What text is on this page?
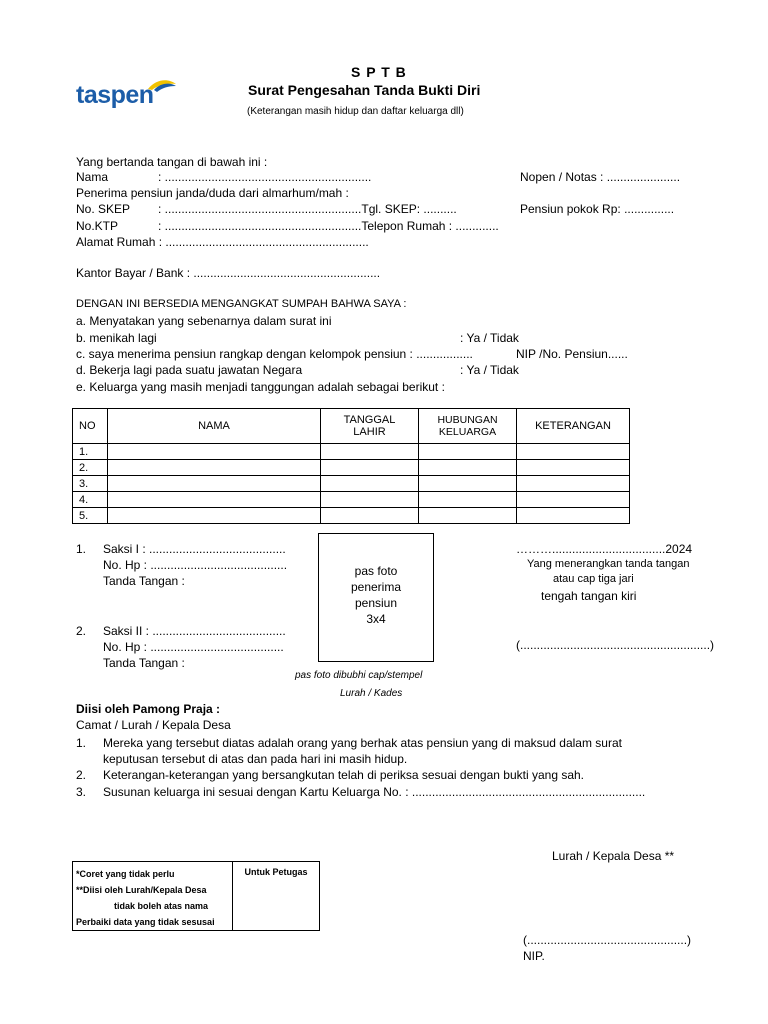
taspen
S P T B
Surat Pengesahan Tanda Bukti Diri
(Keterangan masih hidup dan daftar keluarga dll)
Yang bertanda tangan di bawah ini :
Nama	: ..............................................................	Nopen / Notas : ......................
Penerima pensiun janda/duda dari almarhum/mah :
No. SKEP : ...........................................................Tgl. SKEP: ..........	Pensiun pokok Rp: ...............
No.KTP	: ...........................................................Telepon Rumah : .............
Alamat Rumah : .............................................................
Kantor Bayar / Bank : ........................................................
DENGAN INI BERSEDIA MENGANGKAT SUMPAH BAHWA SAYA :
a. Menyatakan yang sebenarnya dalam surat ini
b. menikah lagi	: Ya / Tidak
c. saya menerima pensiun rangkap dengan kelompok pensiun : .................	NIP /No. Pensiun......
d. Bekerja lagi pada suatu jawatan Negara	: Ya / Tidak
e. Keluarga yang masih menjadi tanggungan adalah sebagai berikut :
NO	NAMA	TANGGAL LAHIR	HUBUNGAN KELUARGA	KETERANGAN
1.				
2.				
3.				
4.				
5.				
1. Saksi I : .........................................
No. Hp : .........................................
Tanda Tangan :
2. Saksi II : ........................................
No. Hp : ........................................
Tanda Tangan :
pas foto
penerima
pensiun
3x4
pas foto dibubhi cap/stempel
Lurah / Kades
………..................................2024
Yang menerangkan tanda tangan
atau cap tiga jari
tengah tangan kiri
(.........................................................)
Diisi oleh Pamong Praja :
Camat / Lurah / Kepala Desa
1. Mereka yang tersebut diatas adalah orang yang berhak atas pensiun yang di maksud dalam surat
keputusan tersebut di atas dan pada hari ini masih hidup.
2. Keterangan-keterangan yang bersangkutan telah di periksa sesuai dengan bukti yang sah.
3. Susunan keluarga ini sesuai dengan Kartu Keluarga No. : ......................................................................
Lurah / Kepala Desa **
(................................................)
NIP.
*Coret yang tidak perlu
**Diisi oleh Lurah/Kepala Desa
tidak boleh atas nama
Perbaiki data yang tidak sesusai
Untuk Petugas
